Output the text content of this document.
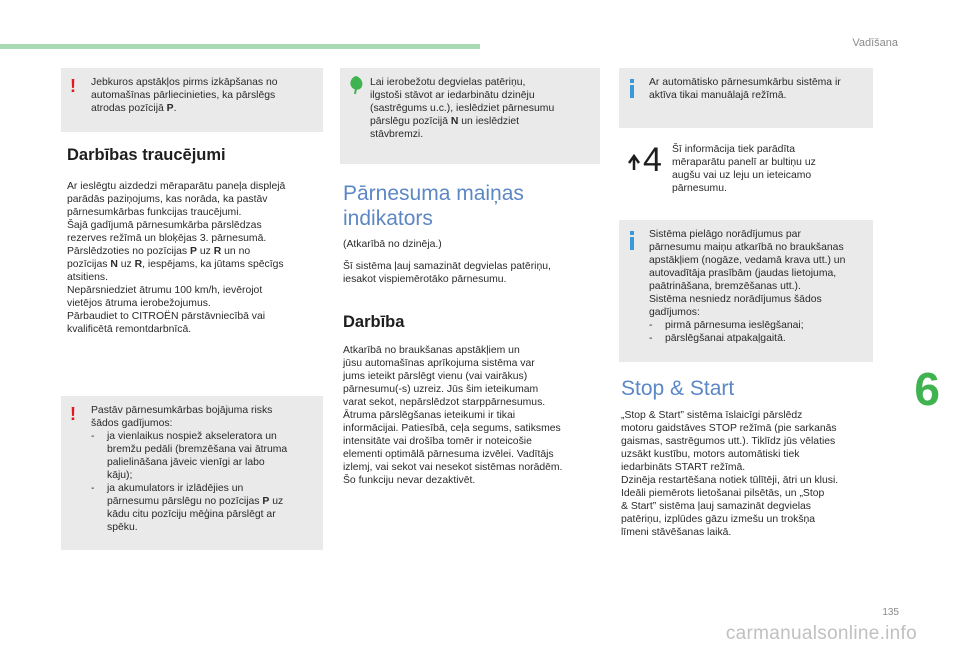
Vadīšana
! Jebkuros apstākļos pirms izkāpšanas no
automašīnas pārliecinieties, ka pārslēgs
atrodas pozīcijā P.
Darbības traucējumi
Ar ieslēgtu aizdedzi mēraparātu paneļa displejā
parādās paziņojums, kas norāda, ka pastāv
pārnesumkārbas funkcijas traucējumi.
Šajā gadījumā pārnesumkārba pārslēdzas
rezerves režīmā un bloķējas 3. pārnesumā.
Pārslēdzoties no pozīcijas P uz R un no
pozīcijas N uz R, iespējams, ka jūtams spēcīgs
atsitiens.
Nepārsniedziet ātrumu 100 km/h, ievērojot
vietējos ātruma ierobežojumus.
Pārbaudiet to CITROËN pārstāvniecībā vai
kvalificētā remontdarbnīcā.
! Pastāv pārnesumkārbas bojājuma risks
šādos gadījumos:
-	ja vienlaikus nospiež akseleratora un
bremžu pedāli (bremzēšana vai ātruma
palielināšana jāveic vienīgi ar labo
kāju);
-	ja akumulators ir izlādējies un
pārnesumu pārslēgu no pozīcijas P uz
kādu citu pozīciju mēģina pārslēgt ar
spēku.
Lai ierobežotu degvielas patēriņu,
ilgstoši stāvot ar iedarbinātu dzinēju
(sastrēgums u.c.), ieslēdziet pārnesumu
pārslēgu pozīcijā N un ieslēdziet
stāvbremzi.
Pārnesuma maiņas
indikators
(Atkarībā no dzinēja.)
Šī sistēma ļauj samazināt degvielas patēriņu,
iesakot vispiemērotāko pārnesumu.
Darbība
Atkarībā no braukšanas apstākļiem un
jūsu automašīnas aprīkojuma sistēma var
jums ieteikt pārslēgt vienu (vai vairākus)
pārnesumu(-s) uzreiz. Jūs šim ieteikumam
varat sekot, nepārslēdzot starppārnesumus.
Ātruma pārslēgšanas ieteikumi ir tikai
informācijai. Patiesībā, ceļa segums, satiksmes
intensitāte vai drošība tomēr ir noteicošie
elementi optimālā pārnesuma izvēlei. Vadītājs
izlemj, vai sekot vai nesekot sistēmas norādēm.
Šo funkciju nevar dezaktivēt.
Ar automātisko pārnesumkārbu sistēma ir
aktīva tikai manuālajā režīmā.
4 Šī informācija tiek parādīta
mēraparātu panelī ar bultiņu uz
augšu vai uz leju un ieteicamo
pārnesumu.
Sistēma pielāgo norādījumus par
pārnesumu maiņu atkarībā no braukšanas
apstākļiem (nogāze, vedamā krava utt.) un
autovadītāja prasībām (jaudas lietojuma,
paātrināšana, bremzēšanas utt.).
Sistēma nesniedz norādījumus šādos
gadījumos:
-	pirmā pārnesuma ieslēgšanai;
-	pārslēgšanai atpakaļgaitā.
Stop & Start
„Stop & Start” sistēma īslaicīgi pārslēdz
motoru gaidstāves STOP režīmā (pie sarkanās
gaismas, sastrēgumos utt.). Tiklīdz jūs vēlaties
uzsākt kustību, motors automātiski tiek
iedarbināts START režīmā.
Dzinēja restartēšana notiek tūlītēji, ātri un klusi.
Ideāli piemērots lietošanai pilsētās, un „Stop
& Start” sistēma ļauj samazināt degvielas
patēriņu, izplūdes gāzu izmešu un trokšņa
līmeni stāvēšanas laikā.
6
135
carmanualsonline.info
